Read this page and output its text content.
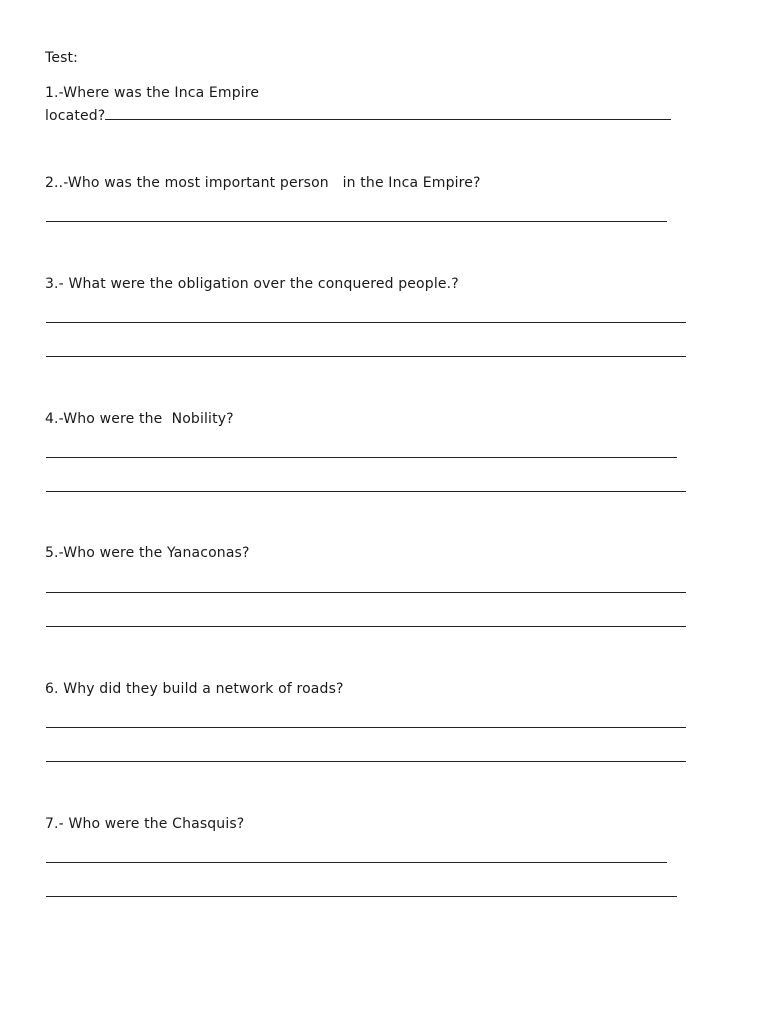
Test:

1.-Where was the Inca Empire

located?

2..-Who was the most important person   in the Inca Empire?

3.- What were the obligation over the conquered people.?

4.-Who were the  Nobility?

5.-Who were the Yanaconas?

6. Why did they build a network of roads?

7.- Who were the Chasquis?
